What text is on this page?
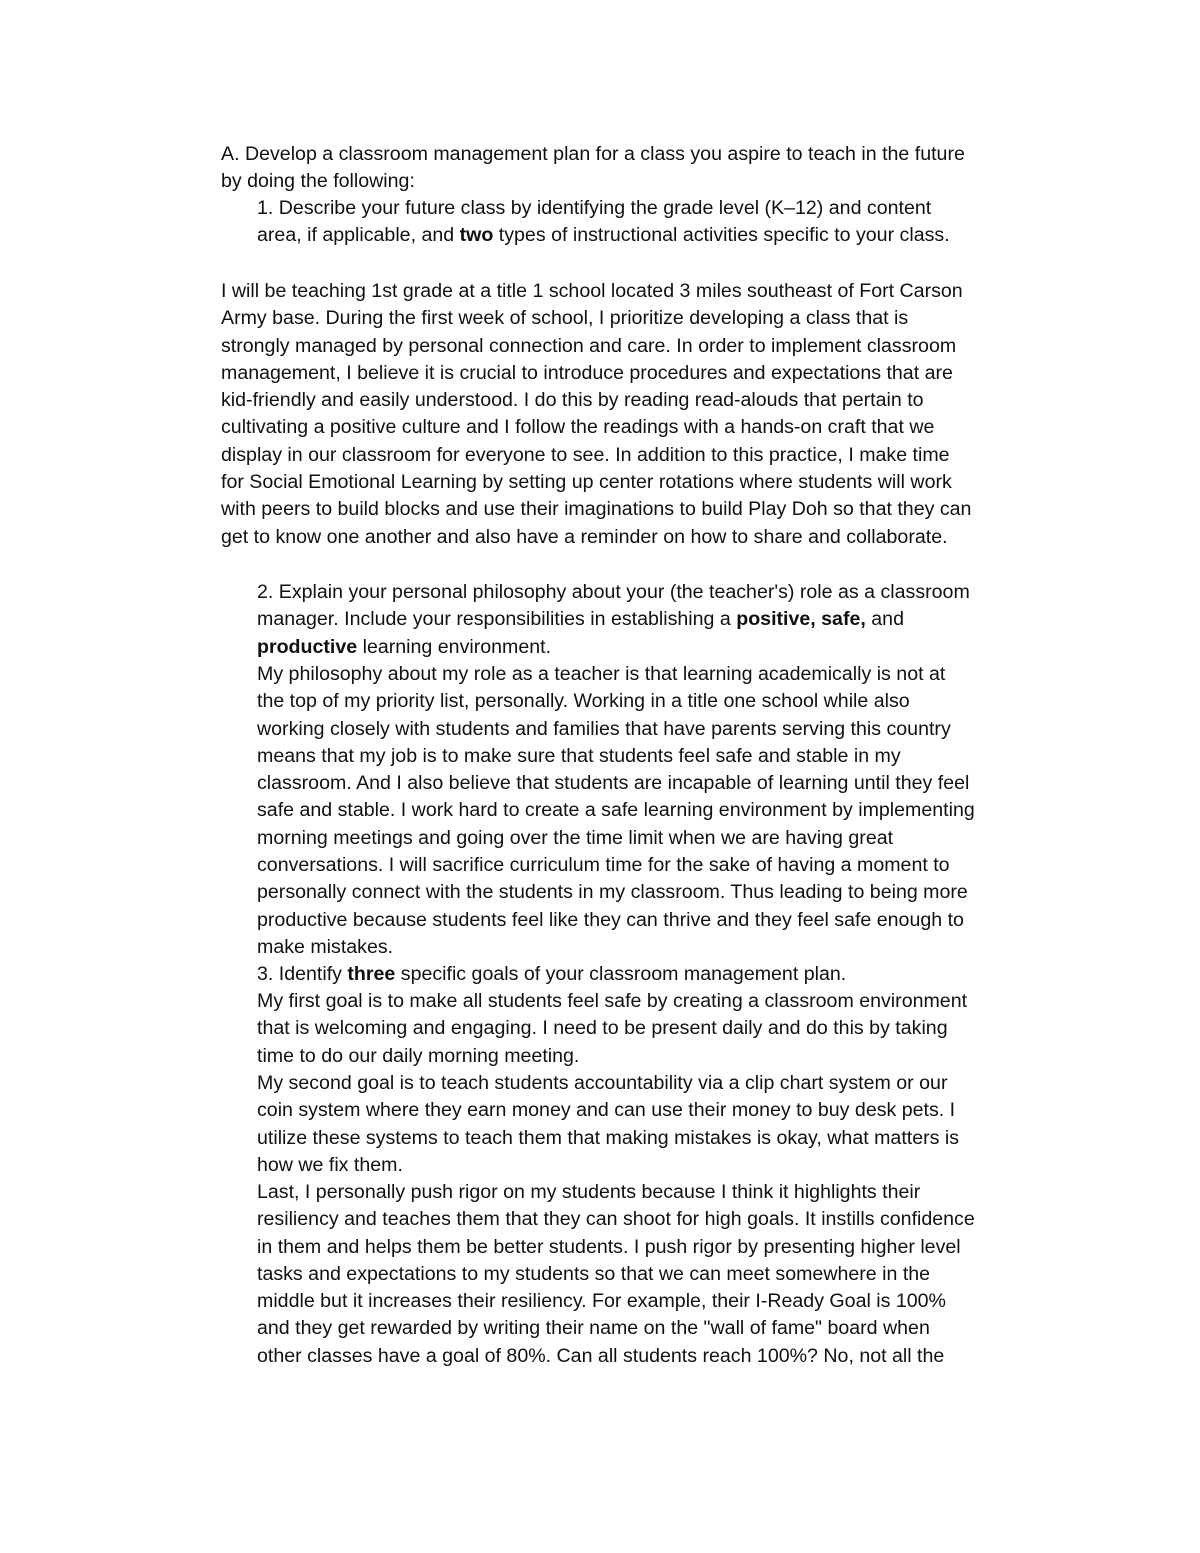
A. Develop a classroom management plan for a class you aspire to teach in the future
by doing the following:

1. Describe your future class by identifying the grade level (K–12) and content
area, if applicable, and two types of instructional activities specific to your class.

I will be teaching 1st grade at a title 1 school located 3 miles southeast of Fort Carson
Army base. During the first week of school, I prioritize developing a class that is
strongly managed by personal connection and care. In order to implement classroom
management, I believe it is crucial to introduce procedures and expectations that are
kid-friendly and easily understood. I do this by reading read-alouds that pertain to
cultivating a positive culture and I follow the readings with a hands-on craft that we
display in our classroom for everyone to see. In addition to this practice, I make time
for Social Emotional Learning by setting up center rotations where students will work
with peers to build blocks and use their imaginations to build Play Doh so that they can
get to know one another and also have a reminder on how to share and collaborate.

2. Explain your personal philosophy about your (the teacher's) role as a classroom
manager. Include your responsibilities in establishing a positive, safe, and
productive learning environment.

My philosophy about my role as a teacher is that learning academically is not at
the top of my priority list, personally. Working in a title one school while also
working closely with students and families that have parents serving this country
means that my job is to make sure that students feel safe and stable in my
classroom. And I also believe that students are incapable of learning until they feel
safe and stable. I work hard to create a safe learning environment by implementing
morning meetings and going over the time limit when we are having great
conversations. I will sacrifice curriculum time for the sake of having a moment to
personally connect with the students in my classroom. Thus leading to being more
productive because students feel like they can thrive and they feel safe enough to
make mistakes.

3. Identify three specific goals of your classroom management plan.

My first goal is to make all students feel safe by creating a classroom environment
that is welcoming and engaging. I need to be present daily and do this by taking
time to do our daily morning meeting.

My second goal is to teach students accountability via a clip chart system or our
coin system where they earn money and can use their money to buy desk pets. I
utilize these systems to teach them that making mistakes is okay, what matters is
how we fix them.

Last, I personally push rigor on my students because I think it highlights their
resiliency and teaches them that they can shoot for high goals. It instills confidence
in them and helps them be better students. I push rigor by presenting higher level
tasks and expectations to my students so that we can meet somewhere in the
middle but it increases their resiliency. For example, their I-Ready Goal is 100%
and they get rewarded by writing their name on the "wall of fame" board when
other classes have a goal of 80%. Can all students reach 100%? No, not all the
